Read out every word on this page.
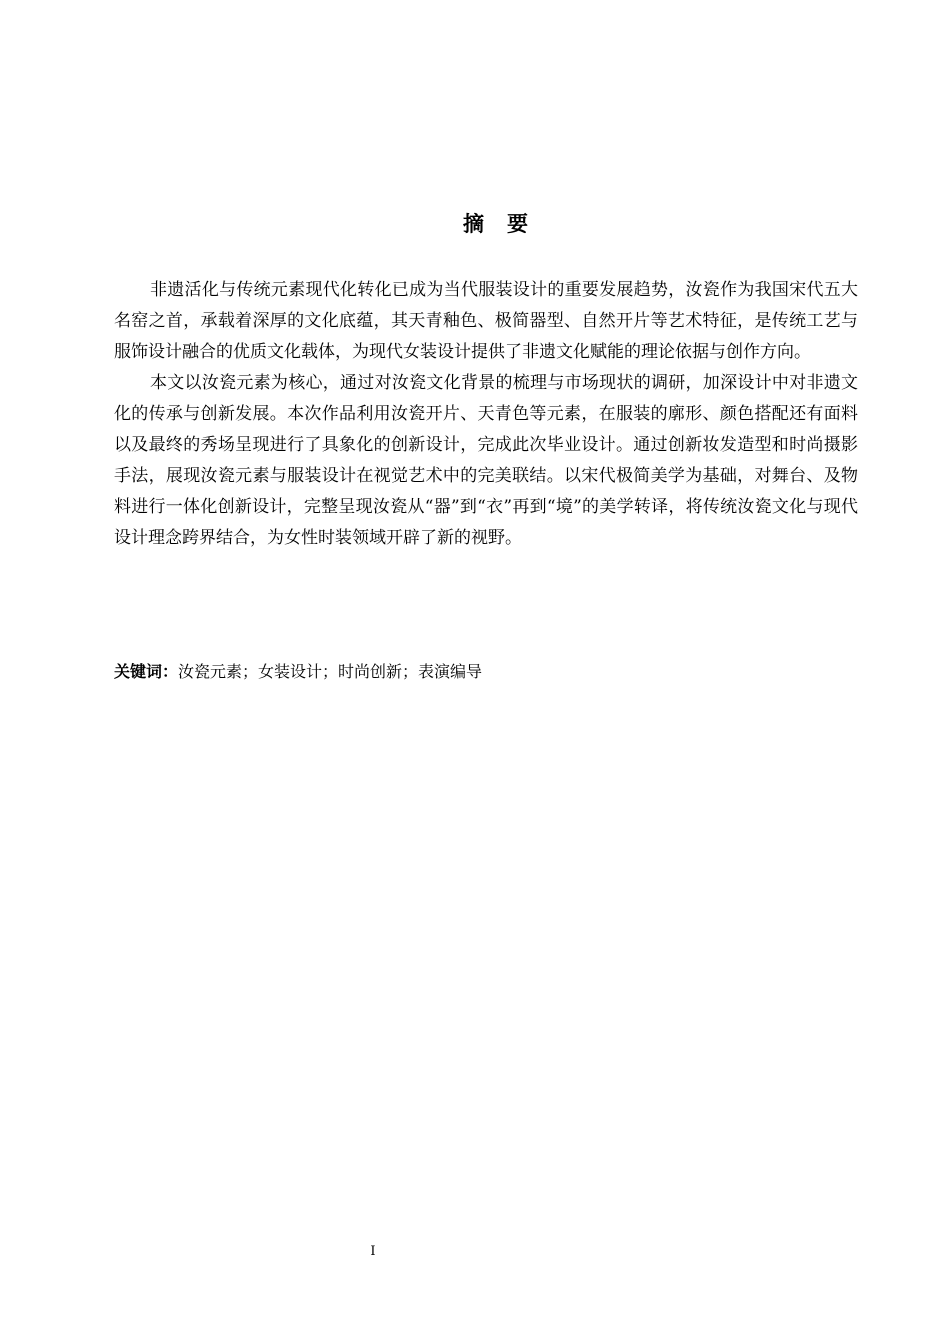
摘要

非遗活化与传统元素现代化转化已成为当代服装设计的重要发展趋势，汝瓷作为我国宋代五大名窑之首，承载着深厚的文化底蕴，其天青釉色、极简器型、自然开片等艺术特征，是传统工艺与服饰设计融合的优质文化载体，为现代女装设计提供了非遗文化赋能的理论依据与创作方向。

本文以汝瓷元素为核心，通过对汝瓷文化背景的梳理与市场现状的调研，加深设计中对非遗文化的传承与创新发展。本次作品利用汝瓷开片、天青色等元素，在服装的廓形、颜色搭配还有面料以及最终的秀场呈现进行了具象化的创新设计，完成此次毕业设计。通过创新妆发造型和时尚摄影手法，展现汝瓷元素与服装设计在视觉艺术中的完美联结。以宋代极简美学为基础，对舞台、及物料进行一体化创新设计，完整呈现汝瓷从“器”到“衣”再到“境”的美学转译，将传统汝瓷文化与现代设计理念跨界结合，为女性时装领域开辟了新的视野。

关键词：汝瓷元素；女装设计；时尚创新；表演编导
I
